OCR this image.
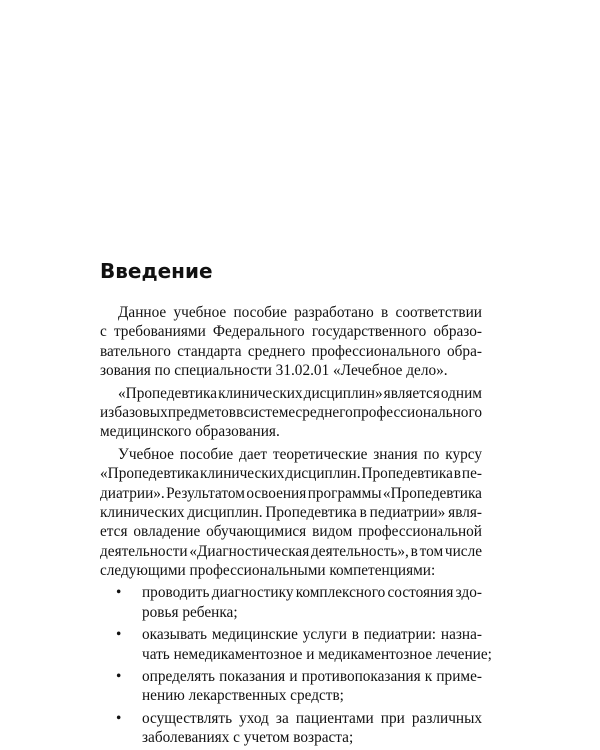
Введение
Данное учебное пособие разработано в соответствии
с требованиями Федерального государственного образо-
вательного стандарта среднего профессионального обра-
зования по специальности 31.02.01 «Лечебное дело».
«Пропедевтика клинических дисциплин» является одним
из базовых предметов в системе среднего профессионального
медицинского образования.
Учебное пособие дает теоретические знания по курсу
«Пропедевтика клинических дисциплин. Пропедевтика в пе-
диатрии». Результатом освоения программы «Пропедевтика
клинических дисциплин. Пропедевтика в педиатрии» явля-
ется овладение обучающимися видом профессиональной
деятельности «Диагностическая деятельность», в том числе
следующими профессиональными компетенциями:
• проводить диагностику комплексного состояния здо-
ровья ребенка;
• оказывать медицинские услуги в педиатрии: назна-
чать немедикаментозное и медикаментозное лечение;
• определять показания и противопоказания к приме-
нению лекарственных средств;
• осуществлять уход за пациентами при различных
заболеваниях с учетом возраста;
